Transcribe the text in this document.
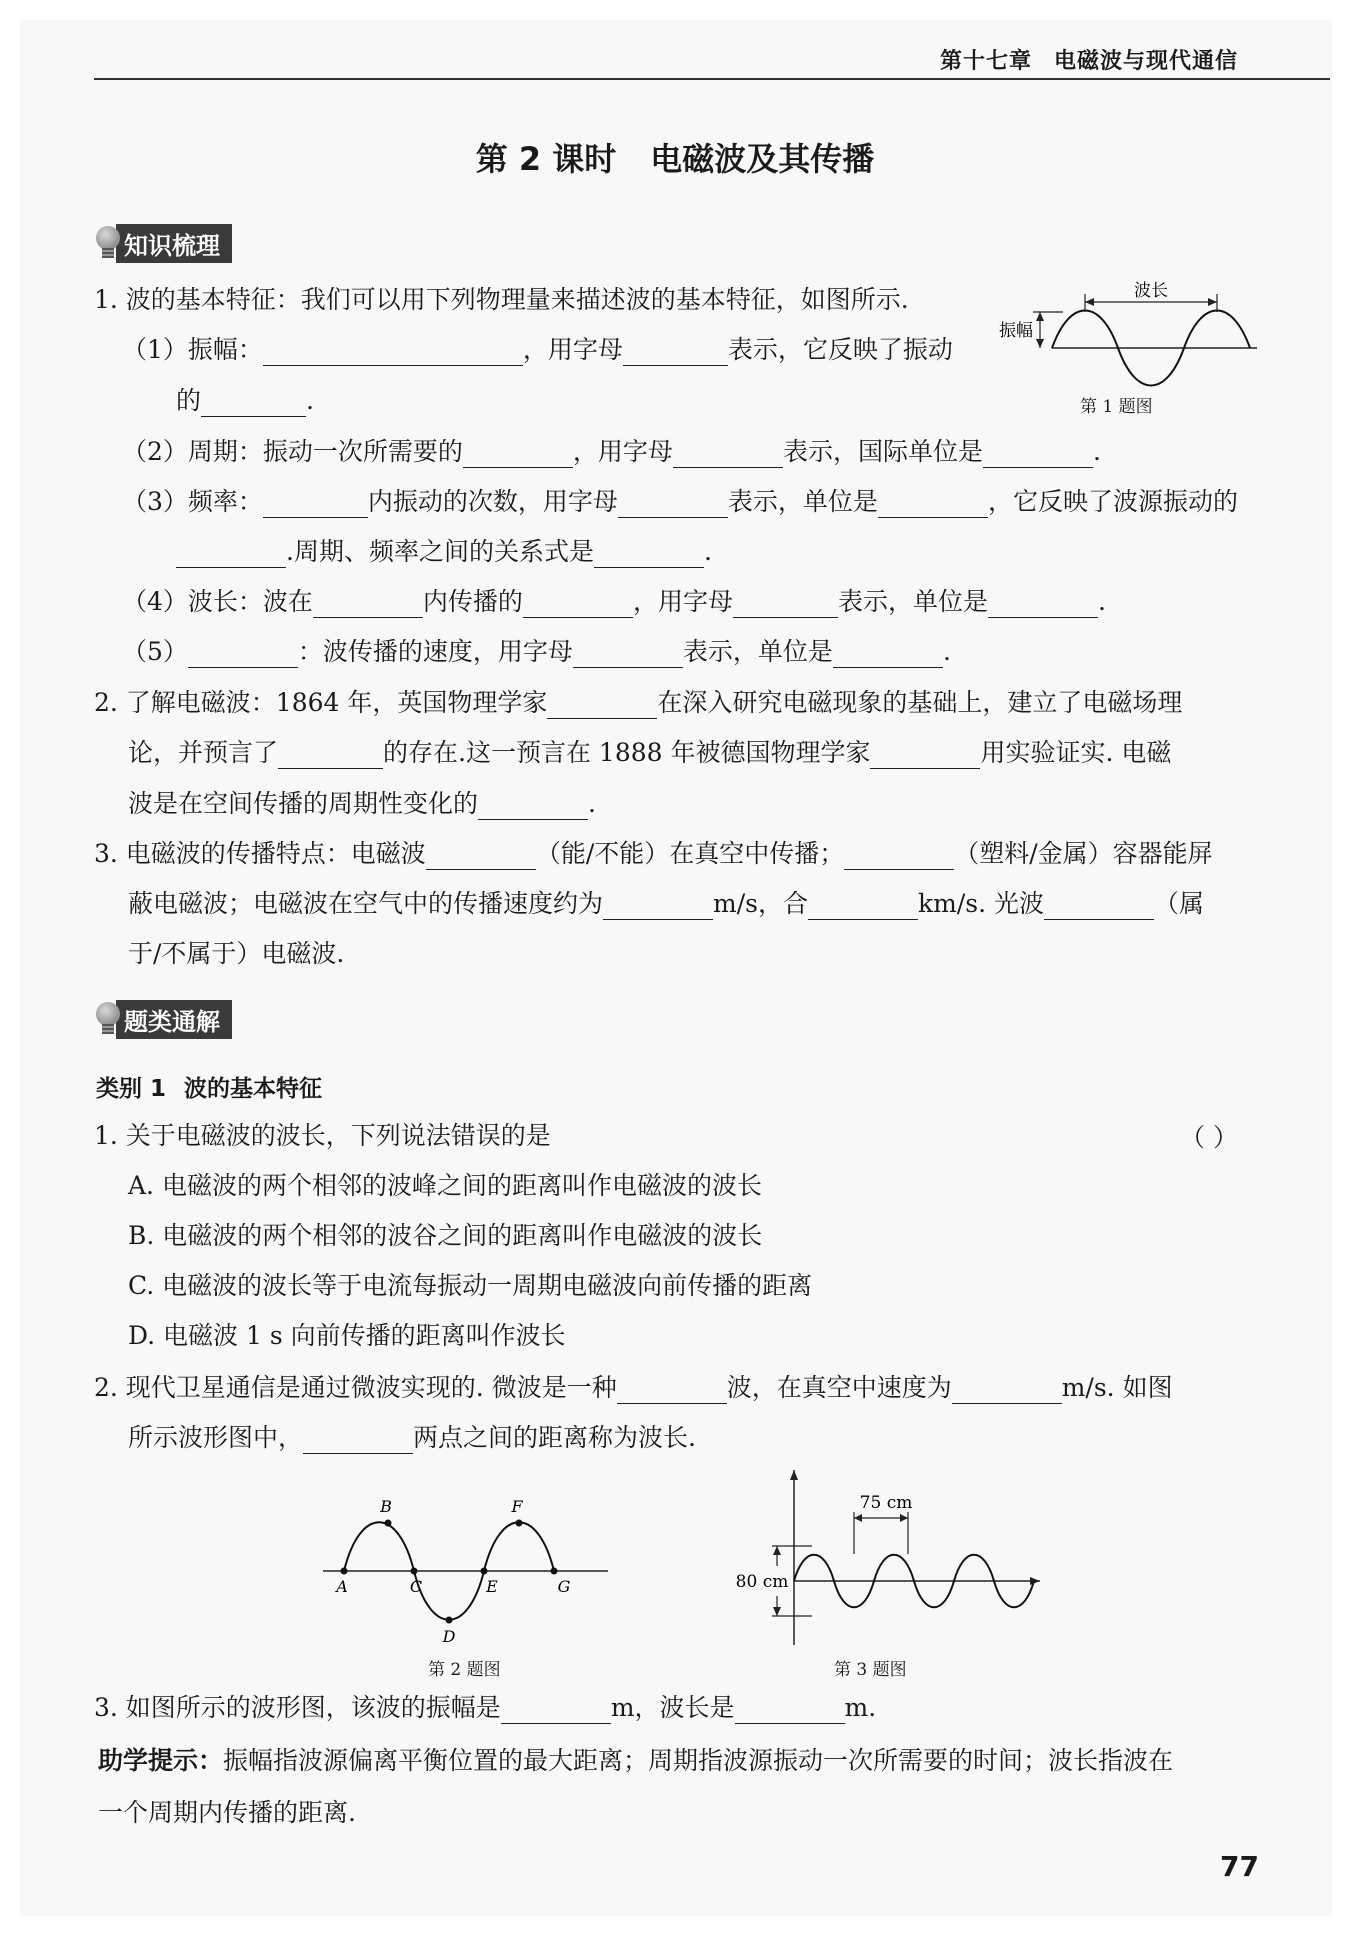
第十七章 电磁波与现代通信
第 2 课时 电磁波及其传播
知识梳理
1. 波的基本特征：我们可以用下列物理量来描述波的基本特征，如图所示.
（1）振幅：	，用字母	表示，它反映了振动
的	.
（2）周期：振动一次所需要的	，用字母	表示，国际单位是	.
（3）频率：	内振动的次数，用字母	表示，单位是	，它反映了波源振动的
.周期、频率之间的关系式是	.
（4）波长：波在	内传播的	，用字母	表示，单位是	.
（5）	：波传播的速度，用字母	表示，单位是	.
波长
振幅
第 1 题图
2. 了解电磁波：1864 年，英国物理学家	在深入研究电磁现象的基础上，建立了电磁场理
论，并预言了	的存在.这一预言在 1888 年被德国物理学家	用实验证实. 电磁
波是在空间传播的周期性变化的	.
3. 电磁波的传播特点：电磁波	（能/不能）在真空中传播；	（塑料/金属）容器能屏
蔽电磁波；电磁波在空气中的传播速度约为	m/s，合	km/s. 光波	（属
于/不属于）电磁波.
题类通解
类别 1 波的基本特征
1. 关于电磁波的波长，下列说法错误的是	（ ）
A. 电磁波的两个相邻的波峰之间的距离叫作电磁波的波长
B. 电磁波的两个相邻的波谷之间的距离叫作电磁波的波长
C. 电磁波的波长等于电流每振动一周期电磁波向前传播的距离
D. 电磁波 1 s 向前传播的距离叫作波长
2. 现代卫星通信是通过微波实现的. 微波是一种	波，在真空中速度为	m/s. 如图
所示波形图中，	两点之间的距离称为波长.
A
B
C
D
E
F
G
第 2 题图
75 cm
80 cm
第 3 题图
3. 如图所示的波形图，该波的振幅是	m，波长是	m.
助学提示：振幅指波源偏离平衡位置的最大距离；周期指波源振动一次所需要的时间；波长指波在
一个周期内传播的距离.
77
